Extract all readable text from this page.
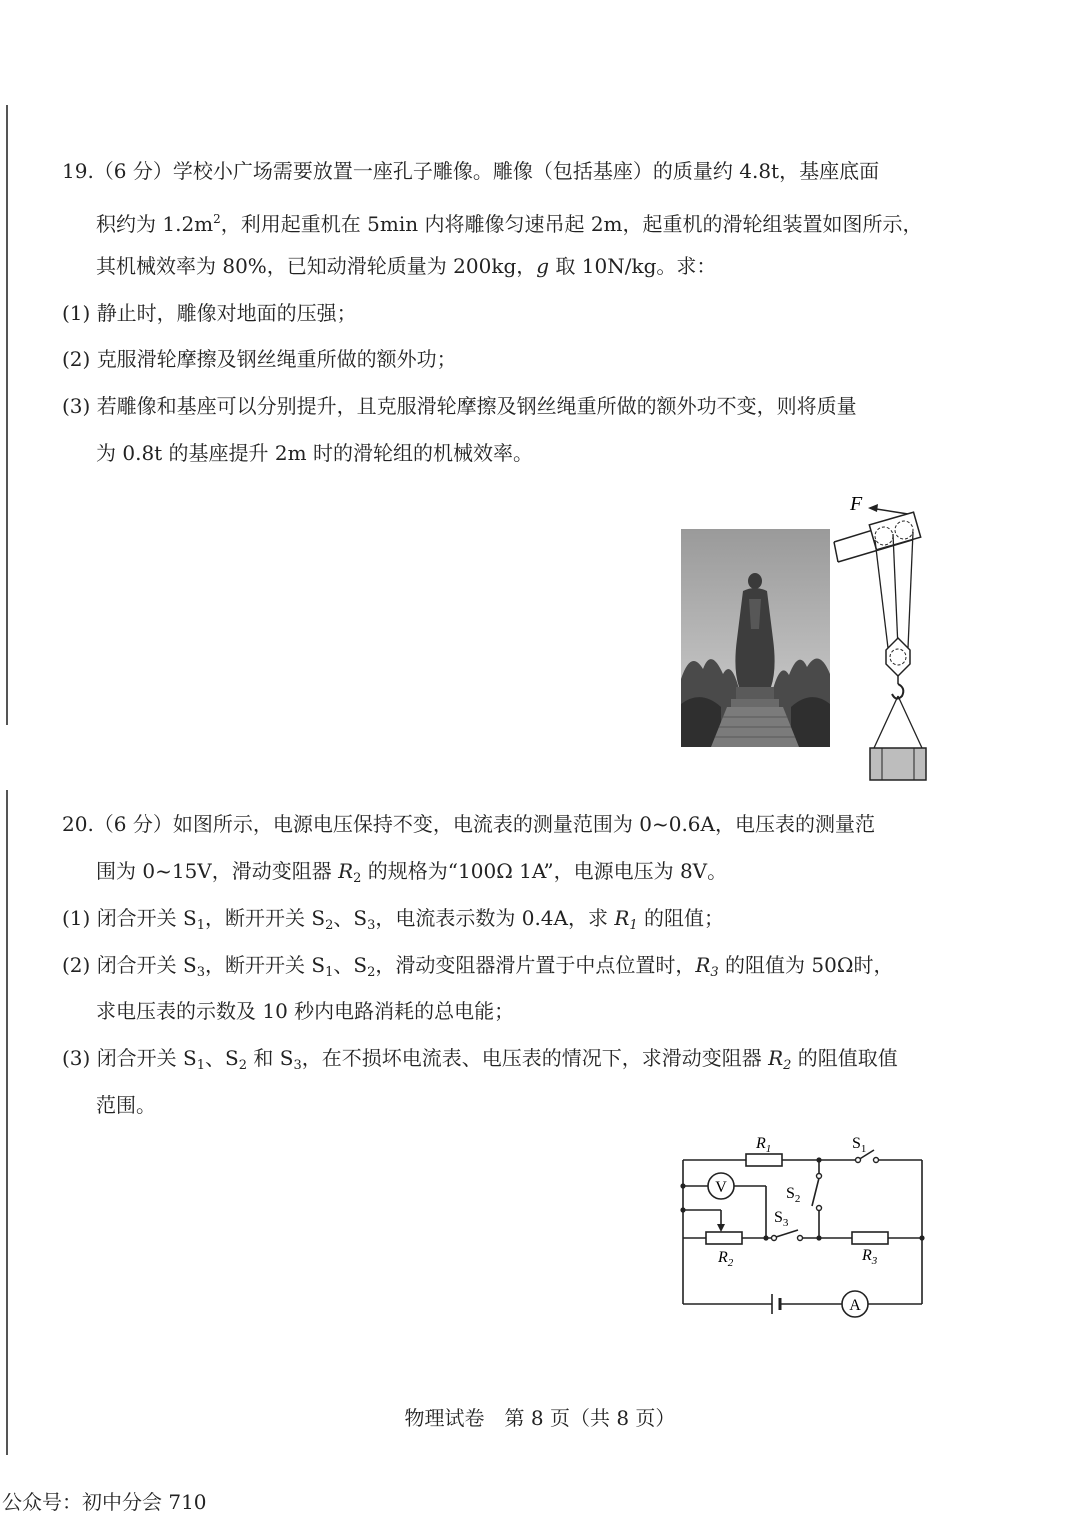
19.（6 分）学校小广场需要放置一座孔子雕像。雕像（包括基座）的质量约 4.8t，基座底面
积约为 $1.2m^2$，利用起重机在 5min 内将雕像匀速吊起 2m，起重机的滑轮组装置如图所示，
其机械效率为 80%，已知动滑轮质量为 200kg，g 取 10N/kg。求：
(1) 静止时，雕像对地面的压强；
(2) 克服滑轮摩擦及钢丝绳重所做的额外功；
(3) 若雕像和基座可以分别提升，且克服滑轮摩擦及钢丝绳重所做的额外功不变，则将质量
为 0.8t 的基座提升 2m 时的滑轮组的机械效率。
F
20.（6 分）如图所示，电源电压保持不变，电流表的测量范围为 0~0.6A，电压表的测量范
围为 0~15V，滑动变阻器 $R_2$ 的规格为“100Ω 1A”，电源电压为 8V。
(1) 闭合开关 $S_1$，断开开关 $S_2$、$S_3$，电流表示数为 0.4A，求 $R_1$ 的阻值；
(2) 闭合开关 $S_3$，断开开关 $S_1$、$S_2$，滑动变阻器滑片置于中点位置时，$R_3$ 的阻值为 50Ω时，
求电压表的示数及 10 秒内电路消耗的总电能；
(3) 闭合开关 $S_1$、$S_2$ 和 $S_3$，在不损坏电流表、电压表的情况下，求滑动变阻器 $R_2$ 的阻值取值
范围。
V
A
$R_1$	$S_1$
$S_2$
$S_3$
$R_2$	$R_3$
物理试卷　第 8 页（共 8 页）
公众号：初中分会 710
